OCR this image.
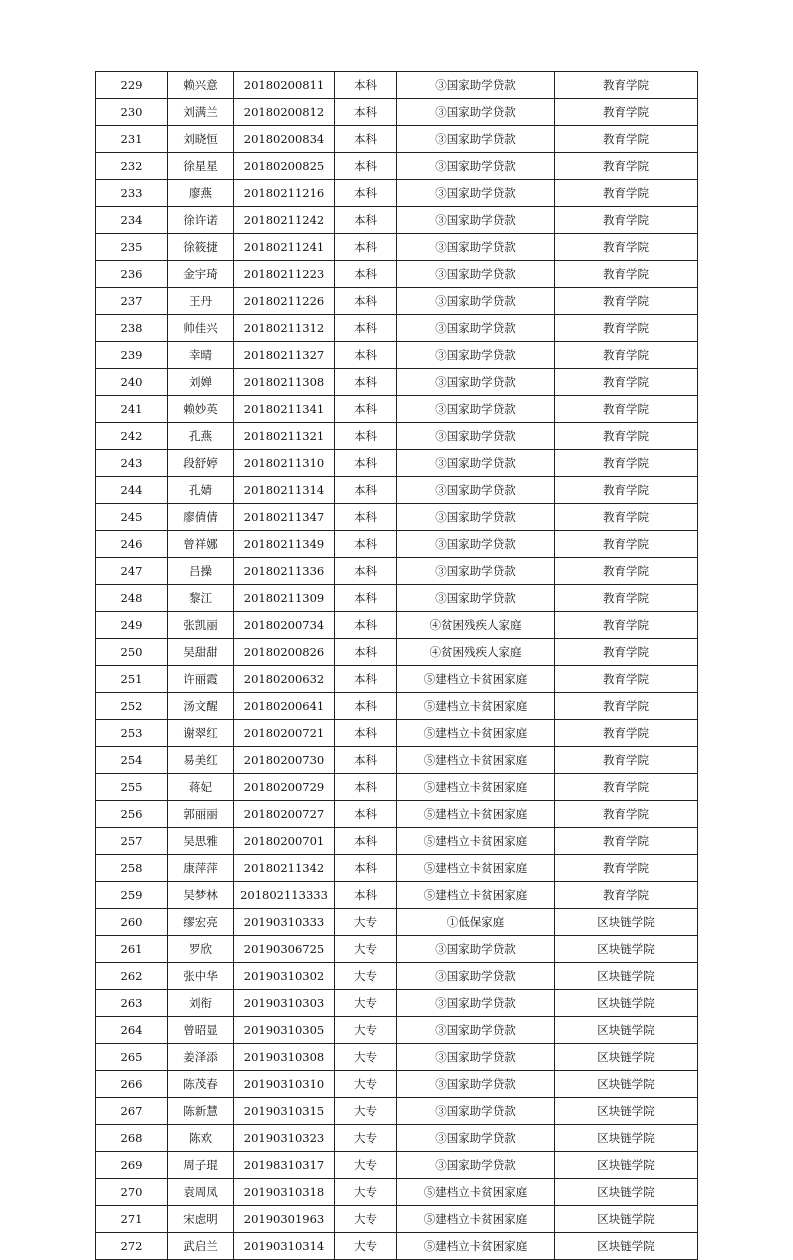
229	赖兴意	20180200811	本科	③国家助学贷款	教育学院
230	刘满兰	20180200812	本科	③国家助学贷款	教育学院
231	刘晓恒	20180200834	本科	③国家助学贷款	教育学院
232	徐星星	20180200825	本科	③国家助学贷款	教育学院
233	廖燕	20180211216	本科	③国家助学贷款	教育学院
234	徐许诺	20180211242	本科	③国家助学贷款	教育学院
235	徐筱捷	20180211241	本科	③国家助学贷款	教育学院
236	金宇琦	20180211223	本科	③国家助学贷款	教育学院
237	王丹	20180211226	本科	③国家助学贷款	教育学院
238	帅佳兴	20180211312	本科	③国家助学贷款	教育学院
239	幸晴	20180211327	本科	③国家助学贷款	教育学院
240	刘婵	20180211308	本科	③国家助学贷款	教育学院
241	赖妙英	20180211341	本科	③国家助学贷款	教育学院
242	孔燕	20180211321	本科	③国家助学贷款	教育学院
243	段舒婷	20180211310	本科	③国家助学贷款	教育学院
244	孔婧	20180211314	本科	③国家助学贷款	教育学院
245	廖倩倩	20180211347	本科	③国家助学贷款	教育学院
246	曾祥娜	20180211349	本科	③国家助学贷款	教育学院
247	吕操	20180211336	本科	③国家助学贷款	教育学院
248	黎江	20180211309	本科	③国家助学贷款	教育学院
249	张凯丽	20180200734	本科	④贫困残疾人家庭	教育学院
250	吴甜甜	20180200826	本科	④贫困残疾人家庭	教育学院
251	许丽霞	20180200632	本科	⑤建档立卡贫困家庭	教育学院
252	汤文醒	20180200641	本科	⑤建档立卡贫困家庭	教育学院
253	谢翠红	20180200721	本科	⑤建档立卡贫困家庭	教育学院
254	易美红	20180200730	本科	⑤建档立卡贫困家庭	教育学院
255	蒋妃	20180200729	本科	⑤建档立卡贫困家庭	教育学院
256	郭丽丽	20180200727	本科	⑤建档立卡贫困家庭	教育学院
257	吴思雅	20180200701	本科	⑤建档立卡贫困家庭	教育学院
258	康萍萍	20180211342	本科	⑤建档立卡贫困家庭	教育学院
259	吴梦林	201802113333	本科	⑤建档立卡贫困家庭	教育学院
260	缪宏亮	20190310333	大专	①低保家庭	区块链学院
261	罗欣	20190306725	大专	③国家助学贷款	区块链学院
262	张中华	20190310302	大专	③国家助学贷款	区块链学院
263	刘衔	20190310303	大专	③国家助学贷款	区块链学院
264	曾昭显	20190310305	大专	③国家助学贷款	区块链学院
265	姜泽添	20190310308	大专	③国家助学贷款	区块链学院
266	陈茂春	20190310310	大专	③国家助学贷款	区块链学院
267	陈新慧	20190310315	大专	③国家助学贷款	区块链学院
268	陈欢	20190310323	大专	③国家助学贷款	区块链学院
269	周子琨	20198310317	大专	③国家助学贷款	区块链学院
270	袁周凤	20190310318	大专	⑤建档立卡贫困家庭	区块链学院
271	宋虑明	20190301963	大专	⑤建档立卡贫困家庭	区块链学院
272	武启兰	20190310314	大专	⑤建档立卡贫困家庭	区块链学院
